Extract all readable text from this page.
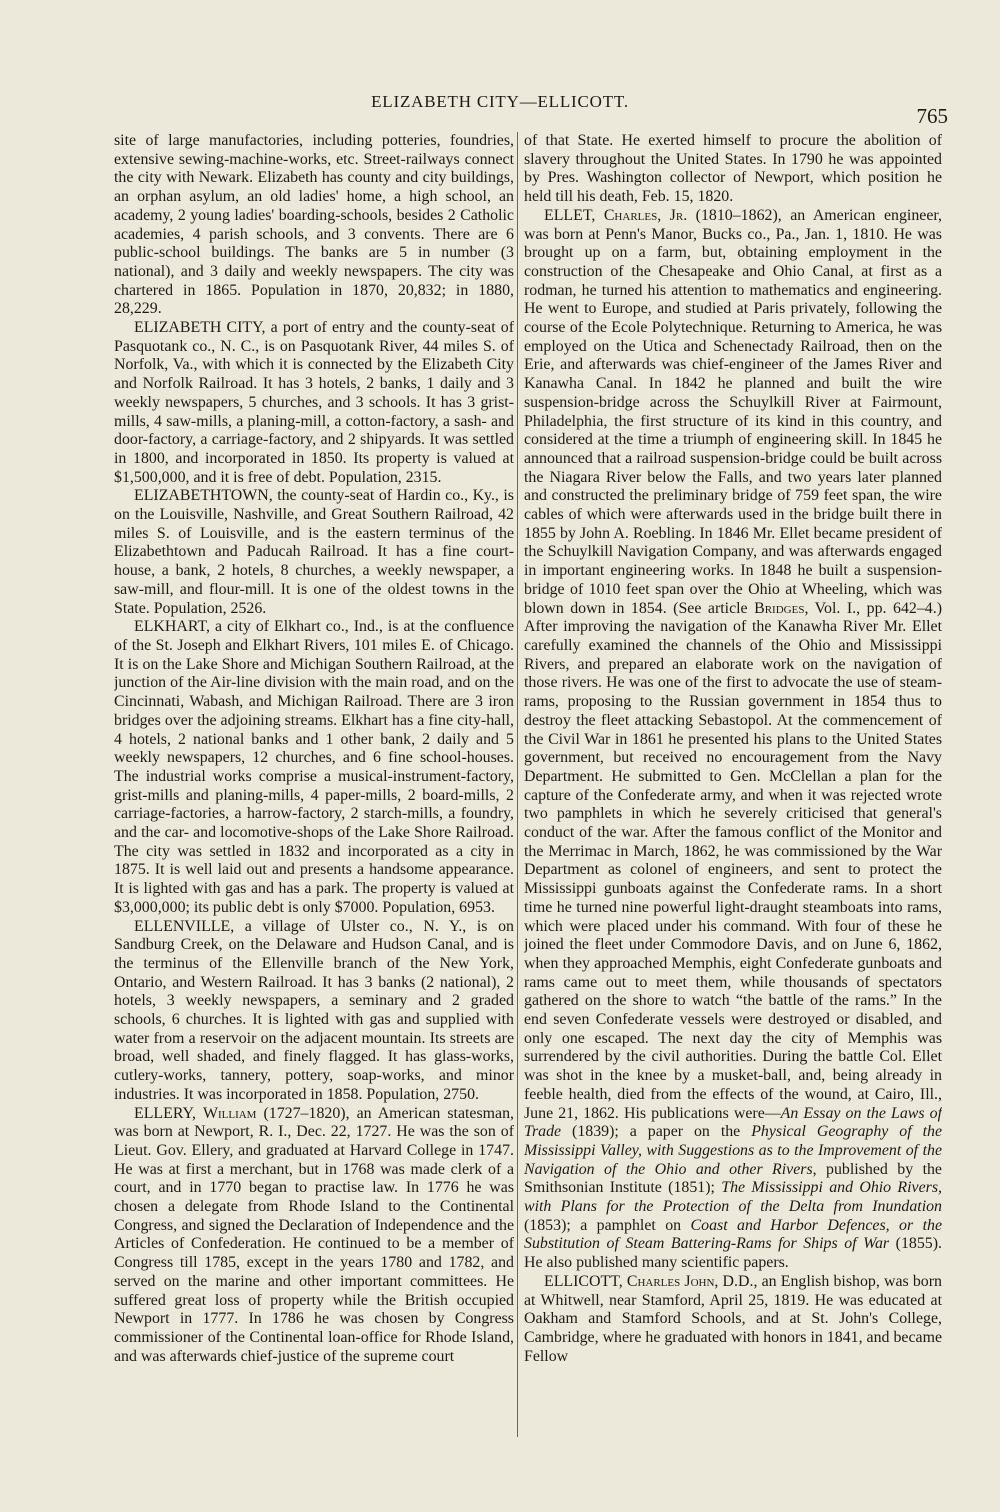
ELIZABETH CITY—ELLICOTT.
765

site of large manufactories, including potteries, foundries, extensive sewing-machine-works, etc. Street-railways connect the city with Newark. Elizabeth has county and city buildings, an orphan asylum, an old ladies' home, a high school, an academy, 2 young ladies' boarding-schools, besides 2 Catholic academies, 4 parish schools, and 3 convents. There are 6 public-school buildings. The banks are 5 in number (3 national), and 3 daily and weekly newspapers. The city was chartered in 1865. Population in 1870, 20,832; in 1880, 28,229.

ELIZABETH CITY, a port of entry and the county-seat of Pasquotank co., N. C., is on Pasquotank River, 44 miles S. of Norfolk, Va., with which it is connected by the Elizabeth City and Norfolk Railroad. It has 3 hotels, 2 banks, 1 daily and 3 weekly newspapers, 5 churches, and 3 schools. It has 3 grist-mills, 4 saw-mills, a planing-mill, a cotton-factory, a sash- and door-factory, a carriage-factory, and 2 shipyards. It was settled in 1800, and incorporated in 1850. Its property is valued at $1,500,000, and it is free of debt. Population, 2315.

ELIZABETHTOWN, the county-seat of Hardin co., Ky., is on the Louisville, Nashville, and Great Southern Railroad, 42 miles S. of Louisville, and is the eastern terminus of the Elizabethtown and Paducah Railroad. It has a fine court-house, a bank, 2 hotels, 8 churches, a weekly newspaper, a saw-mill, and flour-mill. It is one of the oldest towns in the State. Population, 2526.

ELKHART, a city of Elkhart co., Ind., is at the confluence of the St. Joseph and Elkhart Rivers, 101 miles E. of Chicago. It is on the Lake Shore and Michigan Southern Railroad, at the junction of the Air-line division with the main road, and on the Cincinnati, Wabash, and Michigan Railroad. There are 3 iron bridges over the adjoining streams. Elkhart has a fine city-hall, 4 hotels, 2 national banks and 1 other bank, 2 daily and 5 weekly newspapers, 12 churches, and 6 fine school-houses. The industrial works comprise a musical-instrument-factory, grist-mills and planing-mills, 4 paper-mills, 2 board-mills, 2 carriage-factories, a harrow-factory, 2 starch-mills, a foundry, and the car- and locomotive-shops of the Lake Shore Railroad. The city was settled in 1832 and incorporated as a city in 1875. It is well laid out and presents a handsome appearance. It is lighted with gas and has a park. The property is valued at $3,000,000; its public debt is only $7000. Population, 6953.

ELLENVILLE, a village of Ulster co., N. Y., is on Sandburg Creek, on the Delaware and Hudson Canal, and is the terminus of the Ellenville branch of the New York, Ontario, and Western Railroad. It has 3 banks (2 national), 2 hotels, 3 weekly newspapers, a seminary and 2 graded schools, 6 churches. It is lighted with gas and supplied with water from a reservoir on the adjacent mountain. Its streets are broad, well shaded, and finely flagged. It has glass-works, cutlery-works, tannery, pottery, soap-works, and minor industries. It was incorporated in 1858. Population, 2750.

ELLERY, William (1727–1820), an American statesman, was born at Newport, R. I., Dec. 22, 1727. He was the son of Lieut. Gov. Ellery, and graduated at Harvard College in 1747. He was at first a merchant, but in 1768 was made clerk of a court, and in 1770 began to practise law. In 1776 he was chosen a delegate from Rhode Island to the Continental Congress, and signed the Declaration of Independence and the Articles of Confederation. He continued to be a member of Congress till 1785, except in the years 1780 and 1782, and served on the marine and other important committees. He suffered great loss of property while the British occupied Newport in 1777. In 1786 he was chosen by Congress commissioner of the Continental loan-office for Rhode Island, and was afterwards chief-justice of the supreme court

of that State. He exerted himself to procure the abolition of slavery throughout the United States. In 1790 he was appointed by Pres. Washington collector of Newport, which position he held till his death, Feb. 15, 1820.

ELLET, Charles, Jr. (1810–1862), an American engineer, was born at Penn's Manor, Bucks co., Pa., Jan. 1, 1810. He was brought up on a farm, but, obtaining employment in the construction of the Chesapeake and Ohio Canal, at first as a rodman, he turned his attention to mathematics and engineering. He went to Europe, and studied at Paris privately, following the course of the Ecole Polytechnique. Returning to America, he was employed on the Utica and Schenectady Railroad, then on the Erie, and afterwards was chief-engineer of the James River and Kanawha Canal. In 1842 he planned and built the wire suspension-bridge across the Schuylkill River at Fairmount, Philadelphia, the first structure of its kind in this country, and considered at the time a triumph of engineering skill. In 1845 he announced that a railroad suspension-bridge could be built across the Niagara River below the Falls, and two years later planned and constructed the preliminary bridge of 759 feet span, the wire cables of which were afterwards used in the bridge built there in 1855 by John A. Roebling. In 1846 Mr. Ellet became president of the Schuylkill Navigation Company, and was afterwards engaged in important engineering works. In 1848 he built a suspension-bridge of 1010 feet span over the Ohio at Wheeling, which was blown down in 1854. (See article Bridges, Vol. I., pp. 642–4.) After improving the navigation of the Kanawha River Mr. Ellet carefully examined the channels of the Ohio and Mississippi Rivers, and prepared an elaborate work on the navigation of those rivers. He was one of the first to advocate the use of steam-rams, proposing to the Russian government in 1854 thus to destroy the fleet attacking Sebastopol. At the commencement of the Civil War in 1861 he presented his plans to the United States government, but received no encouragement from the Navy Department. He submitted to Gen. McClellan a plan for the capture of the Confederate army, and when it was rejected wrote two pamphlets in which he severely criticised that general's conduct of the war. After the famous conflict of the Monitor and the Merrimac in March, 1862, he was commissioned by the War Department as colonel of engineers, and sent to protect the Mississippi gunboats against the Confederate rams. In a short time he turned nine powerful light-draught steamboats into rams, which were placed under his command. With four of these he joined the fleet under Commodore Davis, and on June 6, 1862, when they approached Memphis, eight Confederate gunboats and rams came out to meet them, while thousands of spectators gathered on the shore to watch “the battle of the rams.” In the end seven Confederate vessels were destroyed or disabled, and only one escaped. The next day the city of Memphis was surrendered by the civil authorities. During the battle Col. Ellet was shot in the knee by a musket-ball, and, being already in feeble health, died from the effects of the wound, at Cairo, Ill., June 21, 1862. His publications were—An Essay on the Laws of Trade (1839); a paper on the Physical Geography of the Mississippi Valley, with Suggestions as to the Improvement of the Navigation of the Ohio and other Rivers, published by the Smithsonian Institute (1851); The Mississippi and Ohio Rivers, with Plans for the Protection of the Delta from Inundation (1853); a pamphlet on Coast and Harbor Defences, or the Substitution of Steam Battering-Rams for Ships of War (1855). He also published many scientific papers.

ELLICOTT, Charles John, D.D., an English bishop, was born at Whitwell, near Stamford, April 25, 1819. He was educated at Oakham and Stamford Schools, and at St. John's College, Cambridge, where he graduated with honors in 1841, and became Fellow
